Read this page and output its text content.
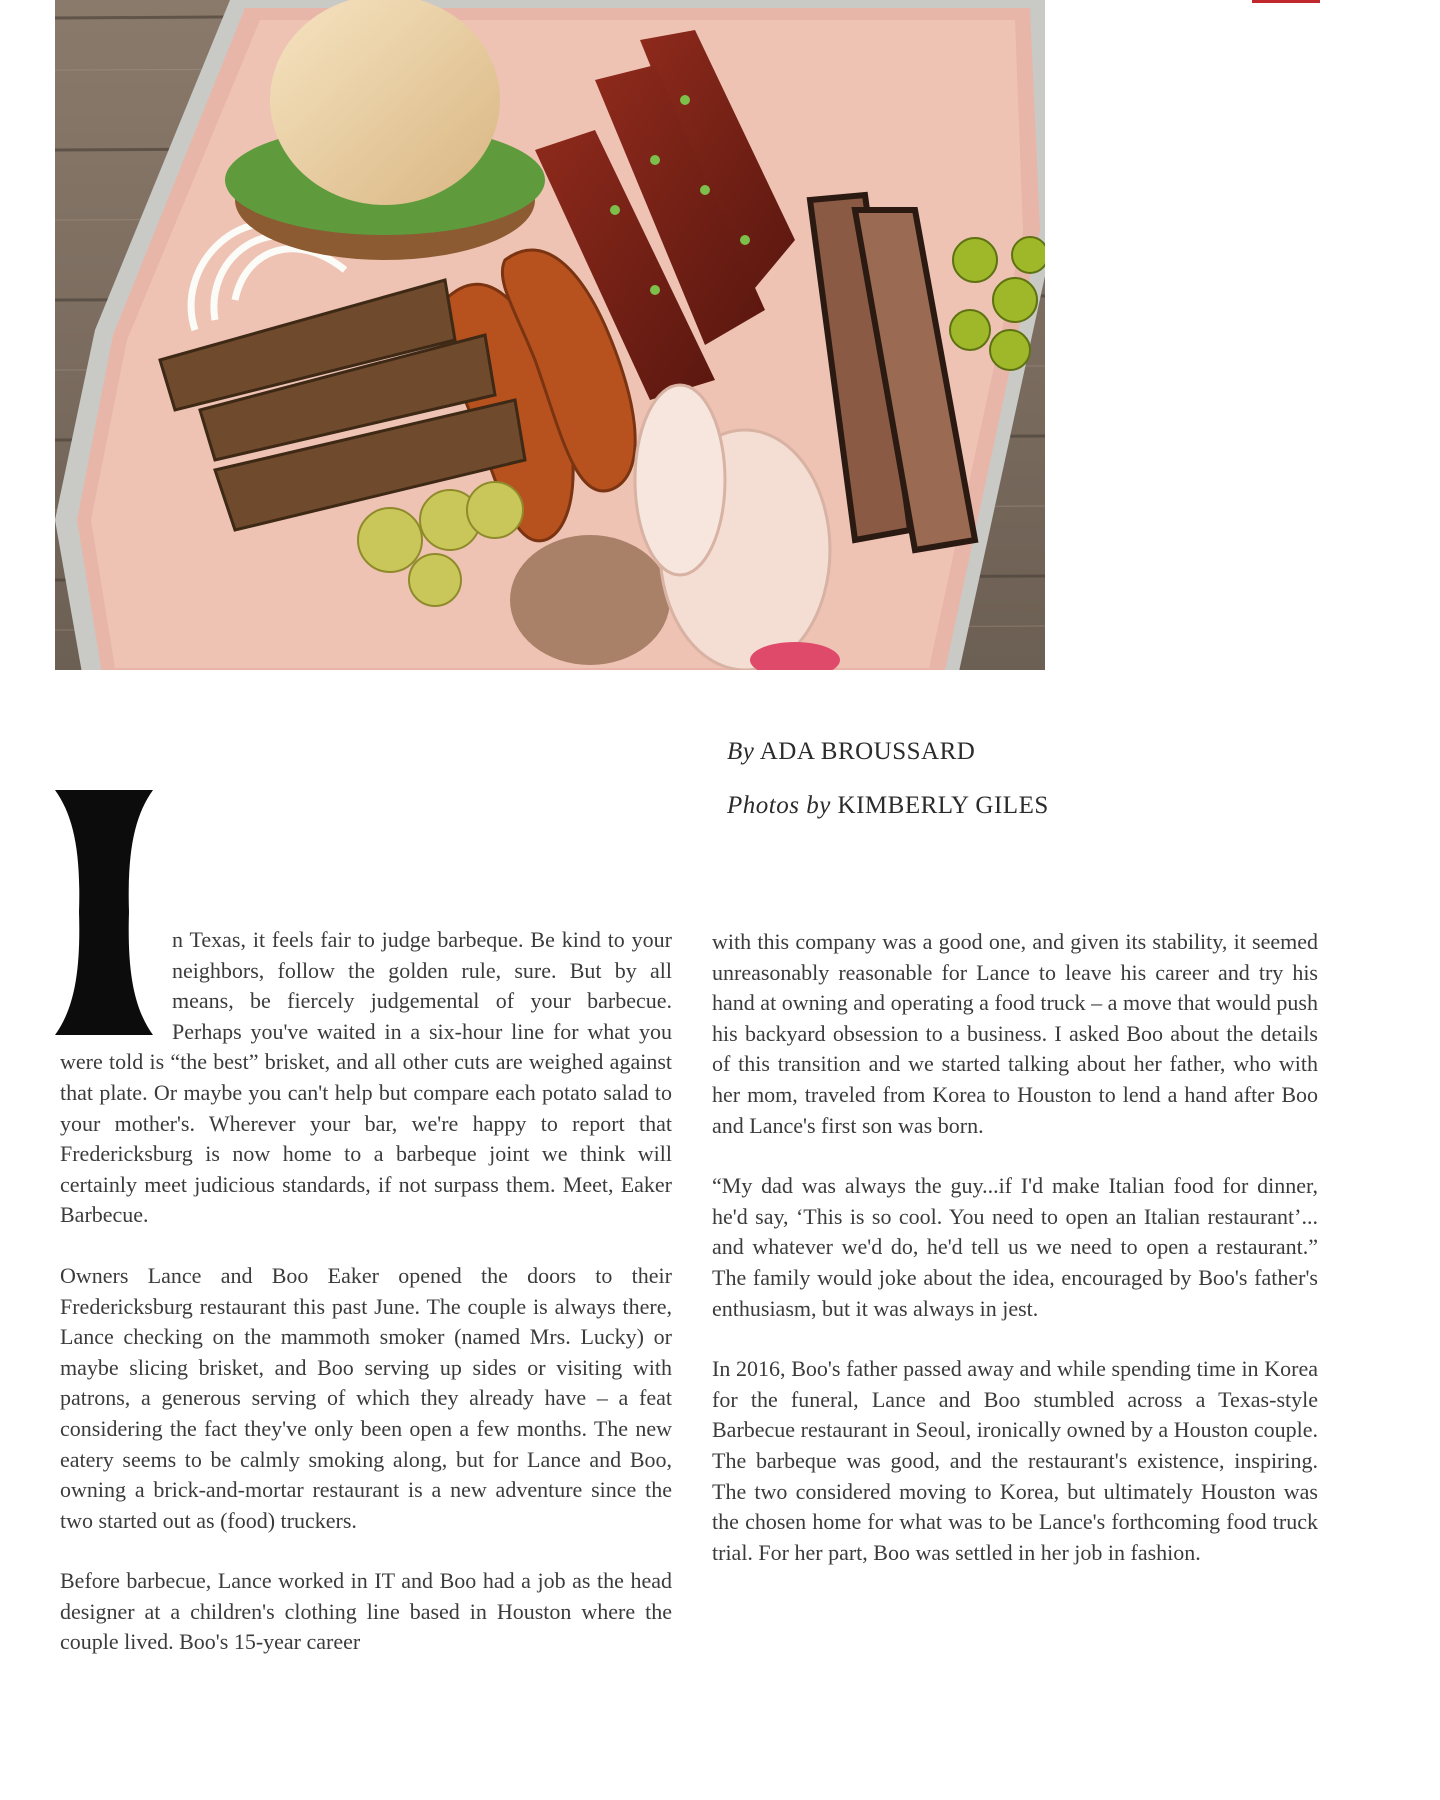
By ADA BROUSSARD
Photos by KIMBERLY GILES

n Texas, it feels fair to judge barbeque. Be kind to your neighbors, follow the golden rule, sure. But by all means, be fiercely judgemental of your barbecue. Perhaps you've waited in a six-hour line for what you were told is “the best” brisket, and all other cuts are weighed against that plate. Or maybe you can't help but compare each potato salad to your mother's. Wherever your bar, we're happy to report that Fredericksburg is now home to a barbeque joint we think will certainly meet judicious standards, if not surpass them. Meet, Eaker Barbecue.

Owners Lance and Boo Eaker opened the doors to their Fredericksburg restaurant this past June. The couple is always there, Lance checking on the mammoth smoker (named Mrs. Lucky) or maybe slicing brisket, and Boo serving up sides or visiting with patrons, a generous serving of which they already have – a feat considering the fact they've only been open a few months. The new eatery seems to be calmly smoking along, but for Lance and Boo, owning a brick-and-mortar restaurant is a new adventure since the two started out as (food) truckers.

Before barbecue, Lance worked in IT and Boo had a job as the head designer at a children's clothing line based in Houston where the couple lived. Boo's 15-year career

with this company was a good one, and given its stability, it seemed unreasonably reasonable for Lance to leave his career and try his hand at owning and operating a food truck – a move that would push his backyard obsession to a business. I asked Boo about the details of this transition and we started talking about her father, who with her mom, traveled from Korea to Houston to lend a hand after Boo and Lance's first son was born.

“My dad was always the guy...if I'd make Italian food for dinner, he'd say, ‘This is so cool. You need to open an Italian restaurant’... and whatever we'd do, he'd tell us we need to open a restaurant.” The family would joke about the idea, encouraged by Boo's father's enthusiasm, but it was always in jest.

In 2016, Boo's father passed away and while spending time in Korea for the funeral, Lance and Boo stumbled across a Texas-style Barbecue restaurant in Seoul, ironically owned by a Houston couple. The barbeque was good, and the restaurant's existence, inspiring. The two considered moving to Korea, but ultimately Houston was the chosen home for what was to be Lance's forthcoming food truck trial. For her part, Boo was settled in her job in fashion.
